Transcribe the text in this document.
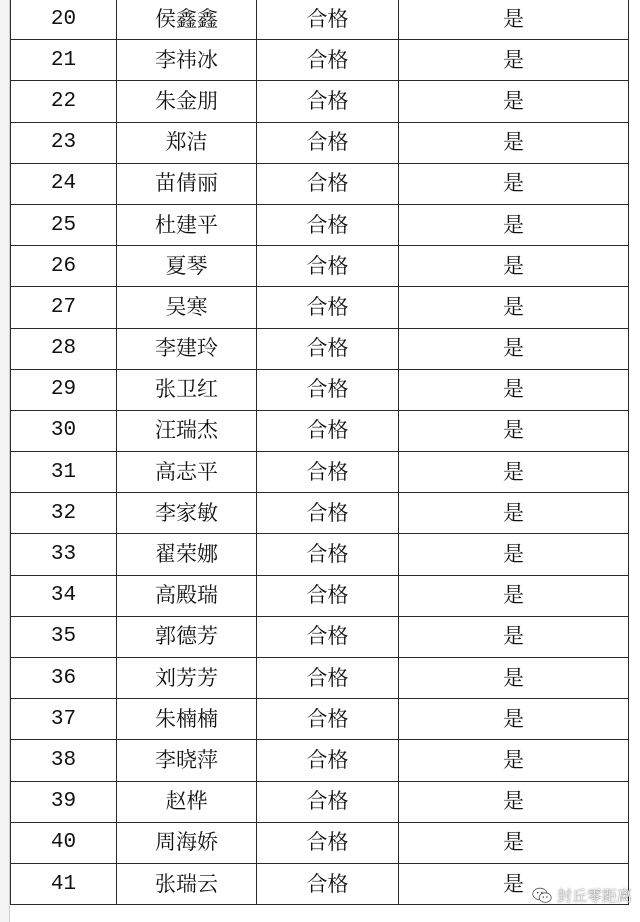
20	侯鑫鑫	合格	是
21	李祎冰	合格	是
22	朱金朋	合格	是
23	郑洁	合格	是
24	苗倩丽	合格	是
25	杜建平	合格	是
26	夏琴	合格	是
27	吴寒	合格	是
28	李建玲	合格	是
29	张卫红	合格	是
30	汪瑞杰	合格	是
31	高志平	合格	是
32	李家敏	合格	是
33	翟荣娜	合格	是
34	高殿瑞	合格	是
35	郭德芳	合格	是
36	刘芳芳	合格	是
37	朱楠楠	合格	是
38	李晓萍	合格	是
39	赵桦	合格	是
40	周海娇	合格	是
41	张瑞云	合格	是
封丘零距离
